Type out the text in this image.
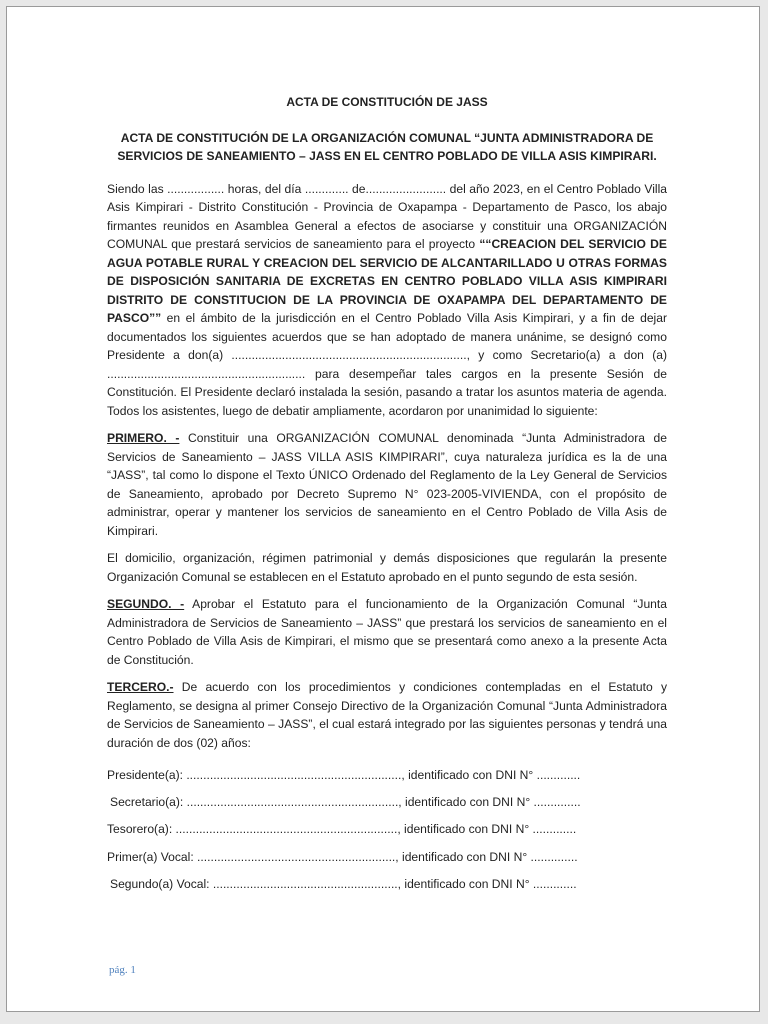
ACTA DE CONSTITUCIÓN DE JASS
ACTA DE CONSTITUCIÓN DE LA ORGANIZACIÓN COMUNAL “JUNTA ADMINISTRADORA DE SERVICIOS DE SANEAMIENTO – JASS EN EL CENTRO POBLADO DE VILLA ASIS KIMPIRARI.

Siendo las ................. horas, del día ............. de........................ del año 2023, en el Centro Poblado Villa Asis Kimpirari - Distrito Constitución - Provincia de Oxapampa - Departamento de Pasco, los abajo firmantes reunidos en Asamblea General a efectos de asociarse y constituir una ORGANIZACIÓN COMUNAL que prestará servicios de saneamiento para el proyecto ““CREACION DEL SERVICIO DE AGUA POTABLE RURAL Y CREACION DEL SERVICIO DE ALCANTARILLADO U OTRAS FORMAS DE DISPOSICIÓN SANITARIA DE EXCRETAS EN CENTRO POBLADO VILLA ASIS KIMPIRARI DISTRITO DE CONSTITUCION DE LA PROVINCIA DE OXAPAMPA DEL DEPARTAMENTO DE PASCO”” en el ámbito de la jurisdicción en el Centro Poblado Villa Asis Kimpirari, y a fin de dejar documentados los siguientes acuerdos que se han adoptado de manera unánime, se designó como Presidente a don(a) ......................................................................, y como Secretario(a) a don (a) ........................................................... para desempeñar tales cargos en la presente Sesión de Constitución. El Presidente declaró instalada la sesión, pasando a tratar los asuntos materia de agenda. Todos los asistentes, luego de debatir ampliamente, acordaron por unanimidad lo siguiente:

PRIMERO. - Constituir una ORGANIZACIÓN COMUNAL denominada “Junta Administradora de Servicios de Saneamiento – JASS VILLA ASIS KIMPIRARI”, cuya naturaleza jurídica es la de una “JASS”, tal como lo dispone el Texto ÚNICO Ordenado del Reglamento de la Ley General de Servicios de Saneamiento, aprobado por Decreto Supremo N° 023-2005-VIVIENDA, con el propósito de administrar, operar y mantener los servicios de saneamiento en el Centro Poblado de Villa Asis de Kimpirari.

El domicilio, organización, régimen patrimonial y demás disposiciones que regularán la presente Organización Comunal se establecen en el Estatuto aprobado en el punto segundo de esta sesión.

SEGUNDO. - Aprobar el Estatuto para el funcionamiento de la Organización Comunal “Junta Administradora de Servicios de Saneamiento – JASS” que prestará los servicios de saneamiento en el Centro Poblado de Villa Asis de Kimpirari, el mismo que se presentará como anexo a la presente Acta de Constitución.

TERCERO.- De acuerdo con los procedimientos y condiciones contempladas en el Estatuto y Reglamento, se designa al primer Consejo Directivo de la Organización Comunal “Junta Administradora de Servicios de Saneamiento – JASS”, el cual estará integrado por las siguientes personas y tendrá una duración de dos (02) años:

Presidente(a): ................................................................, identificado con DNI N° .............
Secretario(a): ..............................................................., identificado con DNI N° ..............
Tesorero(a): .................................................................., identificado con DNI N° .............
Primer(a) Vocal: ..........................................................., identificado con DNI N° ..............
Segundo(a) Vocal: ......................................................., identificado con DNI N° .............
pág. 1
